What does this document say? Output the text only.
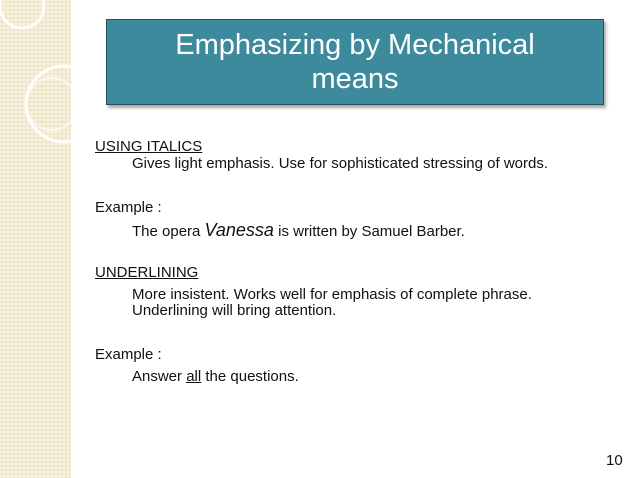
Emphasizing by Mechanical means
USING ITALICS
Gives light emphasis. Use for sophisticated stressing of words.
Example :
The opera Vanessa is written by Samuel Barber.
UNDERLINING
More insistent. Works well for emphasis of complete phrase.
Underlining will bring attention.
Example :
Answer all the questions.
10
